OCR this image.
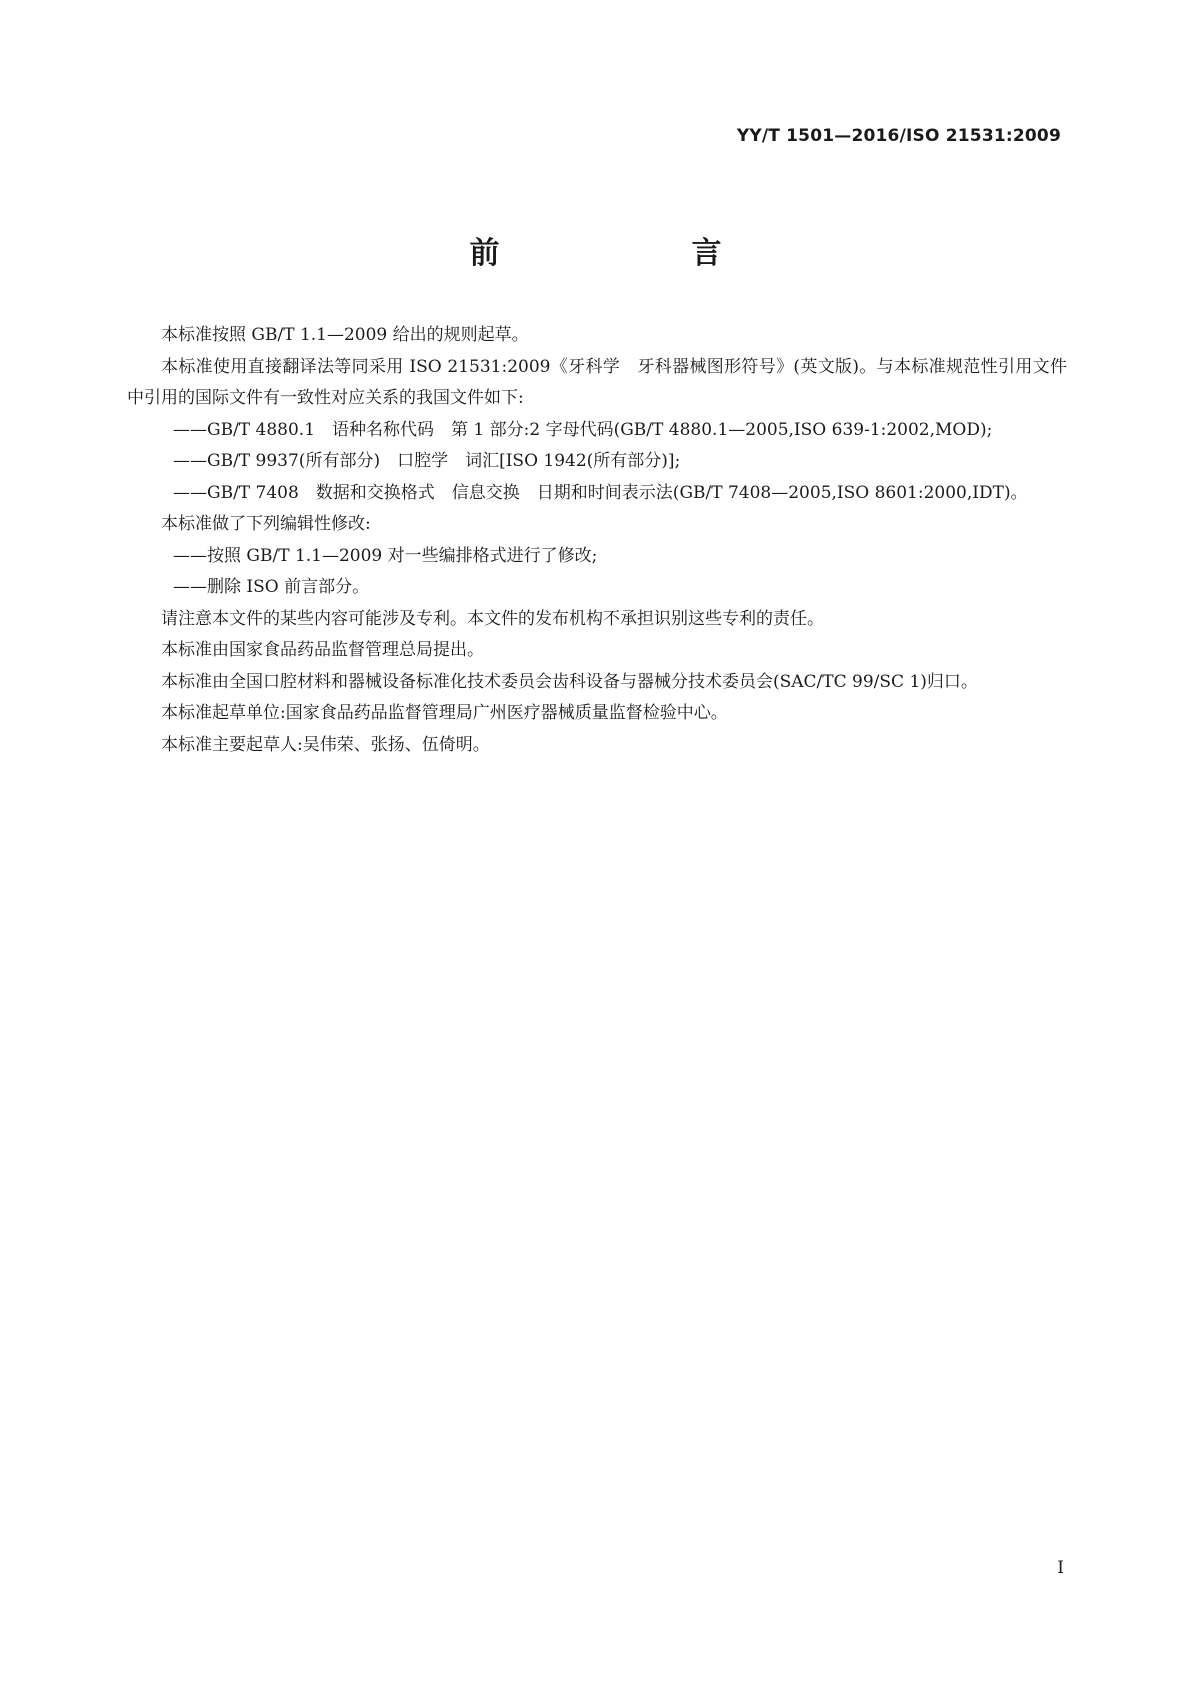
YY/T 1501—2016/ISO 21531:2009
前　　言

本标准按照 GB/T 1.1—2009 给出的规则起草。

本标准使用直接翻译法等同采用 ISO 21531:2009《牙科学　牙科器械图形符号》(英文版)。与本标准规范性引用文件中引用的国际文件有一致性对应关系的我国文件如下:

——GB/T 4880.1　语种名称代码　第 1 部分:2 字母代码(GB/T 4880.1—2005,ISO 639-1:2002,MOD);

——GB/T 9937(所有部分)　口腔学　词汇[ISO 1942(所有部分)];

——GB/T 7408　数据和交换格式　信息交换　日期和时间表示法(GB/T 7408—2005,ISO 8601:2000,IDT)。

本标准做了下列编辑性修改:

——按照 GB/T 1.1—2009 对一些编排格式进行了修改;

——删除 ISO 前言部分。

请注意本文件的某些内容可能涉及专利。本文件的发布机构不承担识别这些专利的责任。

本标准由国家食品药品监督管理总局提出。

本标准由全国口腔材料和器械设备标准化技术委员会齿科设备与器械分技术委员会(SAC/TC 99/SC 1)归口。

本标准起草单位:国家食品药品监督管理局广州医疗器械质量监督检验中心。

本标准主要起草人:吴伟荣、张扬、伍倚明。

I
